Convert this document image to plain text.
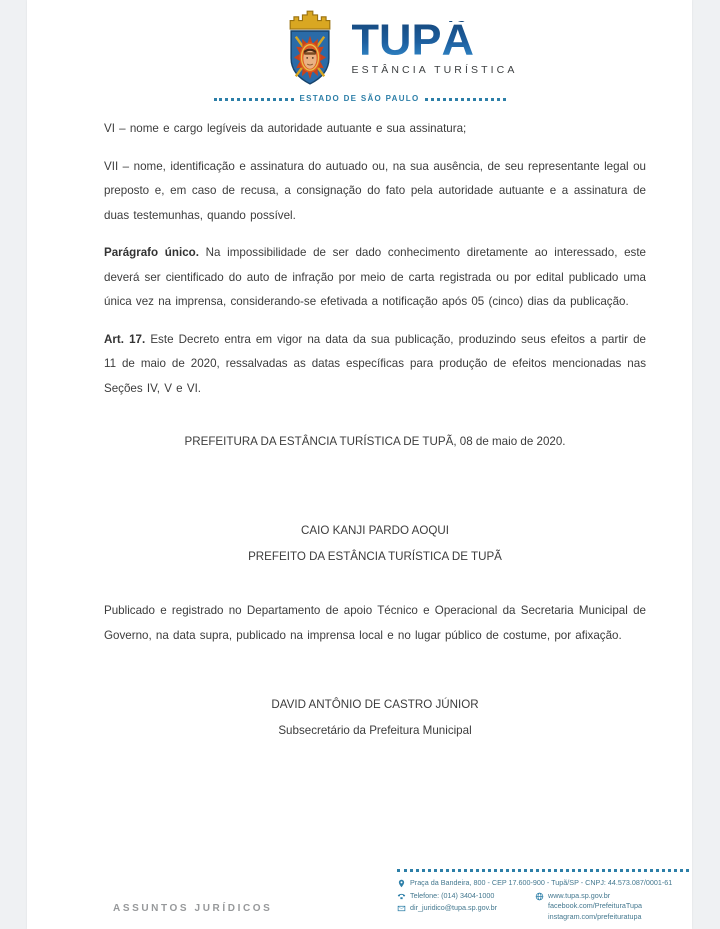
TUPÃ
ESTÂNCIA TURÍSTICA
ESTADO DE SÃO PAULO

VI – nome e cargo legíveis da autoridade autuante e sua assinatura;

VII – nome, identificação e assinatura do autuado ou, na sua ausência, de seu representante legal ou preposto e, em caso de recusa, a consignação do fato pela autoridade autuante e a assinatura de duas testemunhas, quando possível.

Parágrafo único. Na impossibilidade de ser dado conhecimento diretamente ao interessado, este deverá ser cientificado do auto de infração por meio de carta registrada ou por edital publicado uma única vez na imprensa, considerando-se efetivada a notificação após 05 (cinco) dias da publicação.

Art. 17. Este Decreto entra em vigor na data da sua publicação, produzindo seus efeitos a partir de 11 de maio de 2020, ressalvadas as datas específicas para produção de efeitos mencionadas nas Seções IV, V e VI.

PREFEITURA DA ESTÂNCIA TURÍSTICA DE TUPÃ, 08 de maio de 2020.

CAIO KANJI PARDO AOQUI
PREFEITO DA ESTÂNCIA TURÍSTICA DE TUPÃ

Publicado e registrado no Departamento de apoio Técnico e Operacional da Secretaria Municipal de Governo, na data supra, publicado na imprensa local e no lugar público de costume, por afixação.

DAVID ANTÔNIO DE CASTRO JÚNIOR
Subsecretário da Prefeitura Municipal
ASSUNTOS JURÍDICOS
Praça da Bandeira, 800 - CEP 17.600-900 - Tupã/SP - CNPJ: 44.573.087/0001-61
Telefone: (014) 3404-1000
dir_juridico@tupa.sp.gov.br
www.tupa.sp.gov.br
facebook.com/PrefeituraTupa
instagram.com/prefeituratupa
